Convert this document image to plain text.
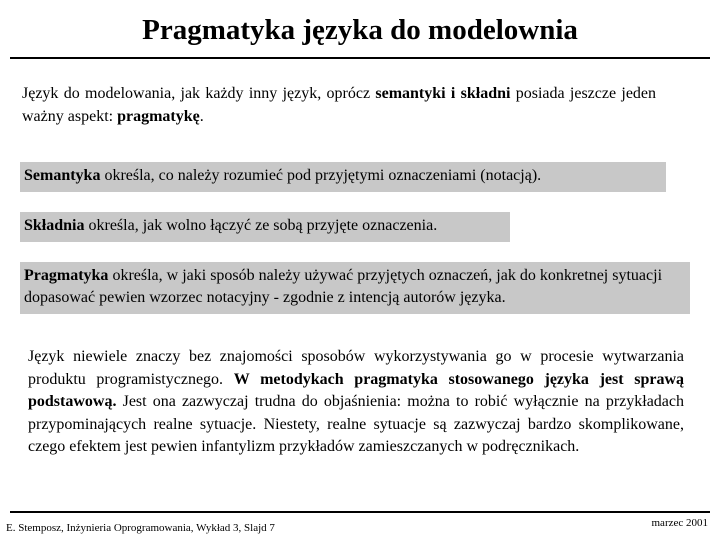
Pragmatyka języka do modelownia
Język do modelowania, jak każdy inny język, oprócz semantyki i składni posiada jeszcze jeden ważny aspekt: pragmatykę.
Semantyka określa, co należy rozumieć pod przyjętymi oznaczeniami (notacją).
Składnia określa, jak wolno łączyć ze sobą przyjęte oznaczenia.
Pragmatyka określa, w jaki sposób należy używać przyjętych oznaczeń, jak do konkretnej sytuacji dopasować pewien wzorzec notacyjny - zgodnie z intencją autorów języka.
Język niewiele znaczy bez znajomości sposobów wykorzystywania go w procesie wytwarzania produktu programistycznego. W metodykach pragmatyka stosowanego języka jest sprawą podstawową. Jest ona zazwyczaj trudna do objaśnienia: można to robić wyłącznie na przykładach przypominających realne sytuacje. Niestety, realne sytuacje są zazwyczaj bardzo skomplikowane, czego efektem jest pewien infantylizm przykładów zamieszczanych w podręcznikach.
E. Stemposz, Inżynieria Oprogramowania, Wykład 3, Slajd 7	marzec 2001
